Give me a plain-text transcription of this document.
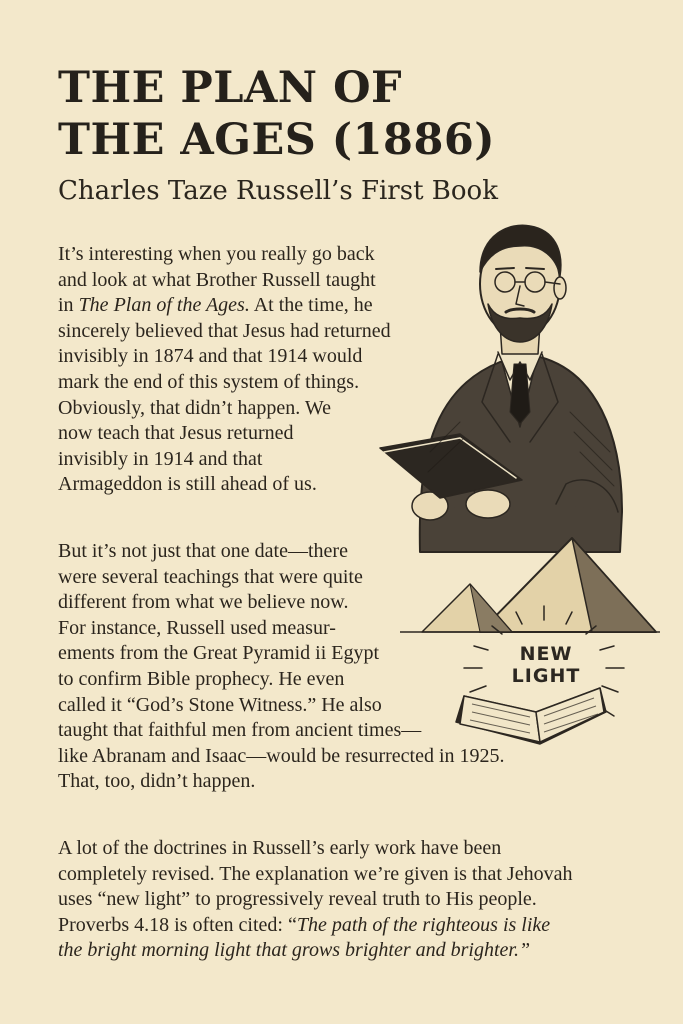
THE PLAN OF
THE AGES (1886)

Charles Taze Russell’s First Book

It’s interesting when you really go back
and look at what Brother Russell taught
in The Plan of the Ages. At the time, he
sincerely believed that Jesus had returned
invisibly in 1874 and that 1914 would
mark the end of this system of things.
Obviously, that didn’t happen. We
now teach that Jesus returned
invisibly in 1914 and that
Armageddon is still ahead of us.
But it’s not just that one date—there
were several teachings that were quite
different from what we believe now.
For instance, Russell used measur-
ements from the Great Pyramid ii Egypt
to confirm Bible prophecy. He even
called it “God’s Stone Witness.” He also
taught that faithful men from ancient times—
like Abranam and Isaac—would be resurrected in 1925.
That, too, didn’t happen.
A lot of the doctrines in Russell’s early work have been
completely revised. The explanation we’re given is that Jehovah
uses “new light” to progressively reveal truth to His people.
Proverbs 4.18 is often cited: “The path of the righteous is like
the bright morning light that grows brighter and brighter.”
NEW
LIGHT
